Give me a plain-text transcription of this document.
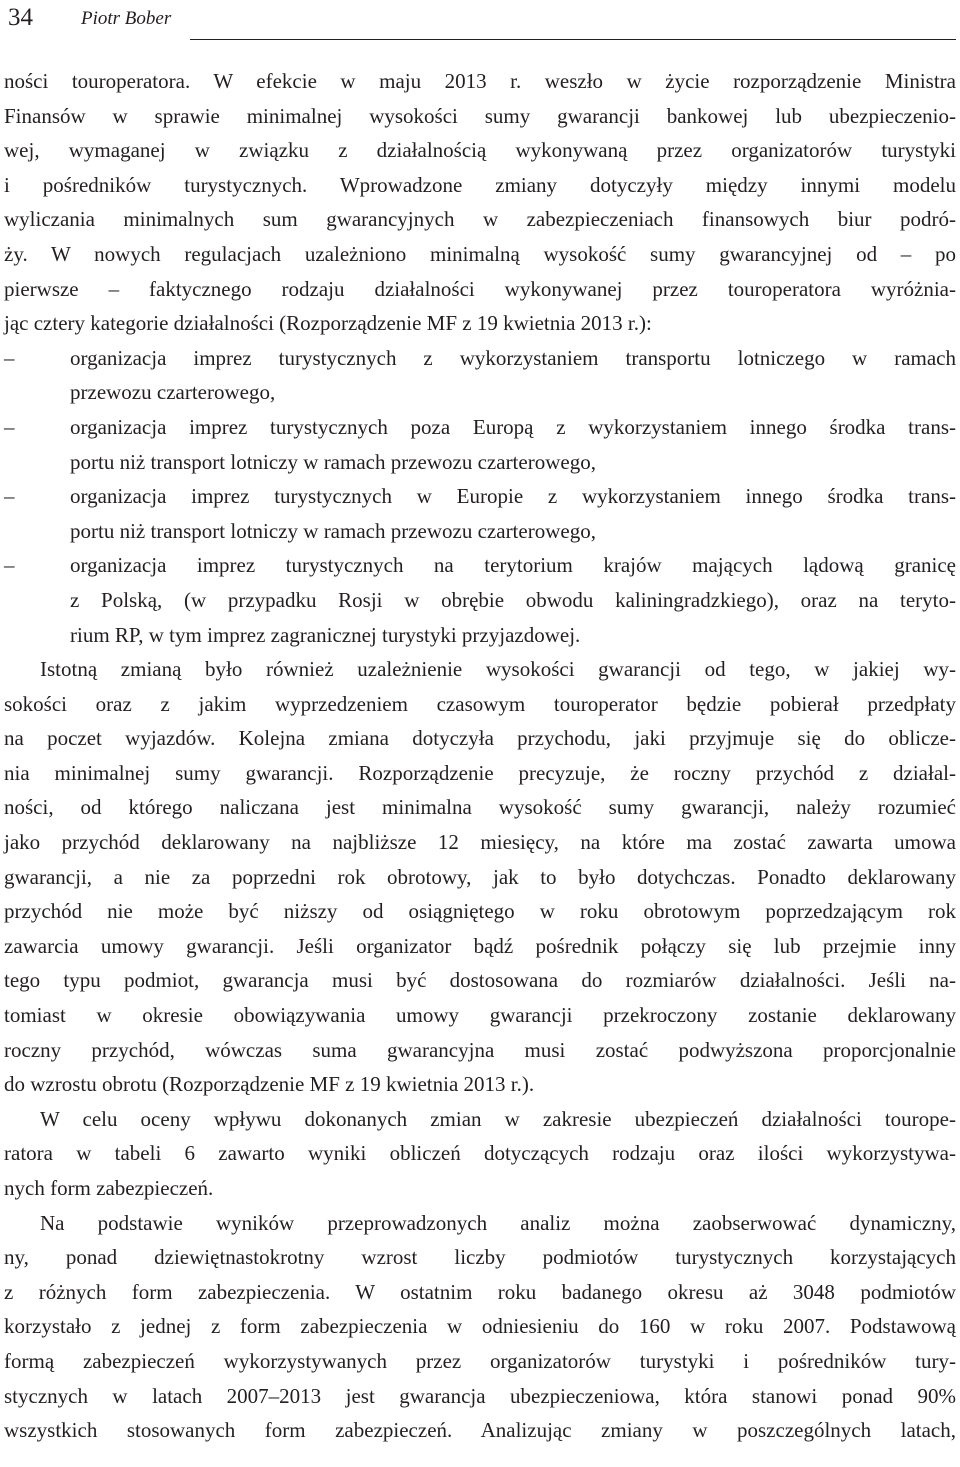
34	Piotr Bober
ności touroperatora. W efekcie w maju 2013 r. weszło w życie rozporządzenie Ministra
Finansów w sprawie minimalnej wysokości sumy gwarancji bankowej lub ubezpieczenio-
wej, wymaganej w związku z działalnością wykonywaną przez organizatorów turystyki
i pośredników turystycznych. Wprowadzone zmiany dotyczyły między innymi modelu
wyliczania minimalnych sum gwarancyjnych w zabezpieczeniach finansowych biur podró-
ży. W nowych regulacjach uzależniono minimalną wysokość sumy gwarancyjnej od – po
pierwsze – faktycznego rodzaju działalności wykonywanej przez touroperatora wyróżnia-
jąc cztery kategorie działalności (Rozporządzenie MF z 19 kwietnia 2013 r.):
–	organizacja imprez turystycznych z wykorzystaniem transportu lotniczego w ramach
przewozu czarterowego,
–	organizacja imprez turystycznych poza Europą z wykorzystaniem innego środka trans-
portu niż transport lotniczy w ramach przewozu czarterowego,
–	organizacja imprez turystycznych w Europie z wykorzystaniem innego środka trans-
portu niż transport lotniczy w ramach przewozu czarterowego,
–	organizacja imprez turystycznych na terytorium krajów mających lądową granicę
z Polską, (w przypadku Rosji w obrębie obwodu kaliningradzkiego), oraz na teryto-
rium RP, w tym imprez zagranicznej turystyki przyjazdowej.
Istotną zmianą było również uzależnienie wysokości gwarancji od tego, w jakiej wy-
sokości oraz z jakim wyprzedzeniem czasowym touroperator będzie pobierał przedpłaty
na poczet wyjazdów. Kolejna zmiana dotyczyła przychodu, jaki przyjmuje się do oblicze-
nia minimalnej sumy gwarancji. Rozporządzenie precyzuje, że roczny przychód z działal-
ności, od którego naliczana jest minimalna wysokość sumy gwarancji, należy rozumieć
jako przychód deklarowany na najbliższe 12 miesięcy, na które ma zostać zawarta umowa
gwarancji, a nie za poprzedni rok obrotowy, jak to było dotychczas. Ponadto deklarowany
przychód nie może być niższy od osiągniętego w roku obrotowym poprzedzającym rok
zawarcia umowy gwarancji. Jeśli organizator bądź pośrednik połączy się lub przejmie inny
tego typu podmiot, gwarancja musi być dostosowana do rozmiarów działalności. Jeśli na-
tomiast w okresie obowiązywania umowy gwarancji przekroczony zostanie deklarowany
roczny przychód, wówczas suma gwarancyjna musi zostać podwyższona proporcjonalnie
do wzrostu obrotu (Rozporządzenie MF z 19 kwietnia 2013 r.).
W celu oceny wpływu dokonanych zmian w zakresie ubezpieczeń działalności tourope-
ratora w tabeli 6 zawarto wyniki obliczeń dotyczących rodzaju oraz ilości wykorzystywa-
nych form zabezpieczeń.
Na podstawie wyników przeprowadzonych analiz można zaobserwować dynamiczny,
ny, ponad dziewiętnastokrotny wzrost liczby podmiotów turystycznych korzystających
z różnych form zabezpieczenia. W ostatnim roku badanego okresu aż 3048 podmiotów
korzystało z jednej z form zabezpieczenia w odniesieniu do 160 w roku 2007. Podstawową
formą zabezpieczeń wykorzystywanych przez organizatorów turystyki i pośredników tury-
stycznych w latach 2007–2013 jest gwarancja ubezpieczeniowa, która stanowi ponad 90%
wszystkich stosowanych form zabezpieczeń. Analizując zmiany w poszczególnych latach,
